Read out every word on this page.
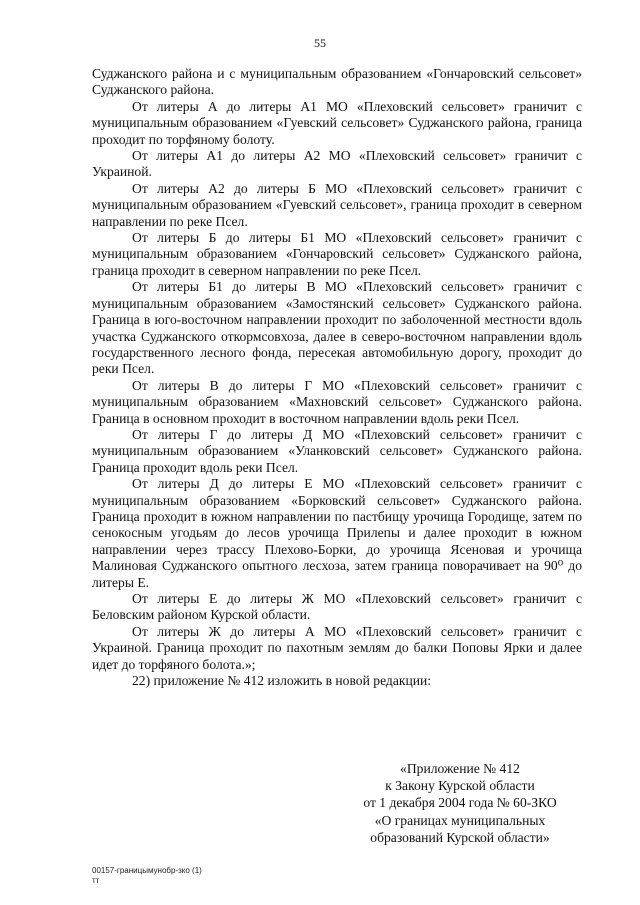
55

Суджанского района и с муниципальным образованием «Гончаровский сельсовет» Суджанского района.

От литеры А до литеры А1 МО «Плеховский сельсовет» граничит с муниципальным образованием «Гуевский сельсовет» Суджанского района, граница проходит по торфяному болоту.

От литеры А1 до литеры А2 МО «Плеховский сельсовет» граничит с Украиной.

От литеры А2 до литеры Б МО «Плеховский сельсовет» граничит с муниципальным образованием «Гуевский сельсовет», граница проходит в северном направлении по реке Псел.

От литеры Б до литеры Б1 МО «Плеховский сельсовет» граничит с муниципальным образованием «Гончаровский сельсовет» Суджанского района, граница проходит в северном направлении по реке Псел.

От литеры Б1 до литеры В МО «Плеховский сельсовет» граничит с муниципальным образованием «Замостянский сельсовет» Суджанского района. Граница в юго-восточном направлении проходит по заболоченной местности вдоль участка Суджанского откормсовхоза, далее в северо-восточном направлении вдоль государственного лесного фонда, пересекая автомобильную дорогу, проходит до реки Псел.

От литеры В до литеры Г МО «Плеховский сельсовет» граничит с муниципальным образованием «Махновский сельсовет» Суджанского района. Граница в основном проходит в восточном направлении вдоль реки Псел.

От литеры Г до литеры Д МО «Плеховский сельсовет» граничит с муниципальным образованием «Уланковский сельсовет» Суджанского района. Граница проходит вдоль реки Псел.

От литеры Д до литеры Е МО «Плеховский сельсовет» граничит с муниципальным образованием «Борковский сельсовет» Суджанского района. Граница проходит в южном направлении по пастбищу урочища Городище, затем по сенокосным угодьям до лесов урочища Прилепы и далее проходит в южном направлении через трассу Плехово-Борки, до урочища Ясеновая и урочища Малиновая Суджанского опытного лесхоза, затем граница поворачивает на 90⁰ до литеры Е.

От литеры Е до литеры Ж МО «Плеховский сельсовет» граничит с Беловским районом Курской области.

От литеры Ж до литеры А МО «Плеховский сельсовет» граничит с Украиной. Граница проходит по пахотным землям до балки Поповы Ярки и далее идет до торфяного болота.»;

22) приложение № 412 изложить в новой редакции:

«Приложение № 412
к Закону Курской области
от 1 декабря 2004 года № 60-ЗКО
«О границах муниципальных
образований Курской области»
00157-границымунобр-зко (1)
тт
